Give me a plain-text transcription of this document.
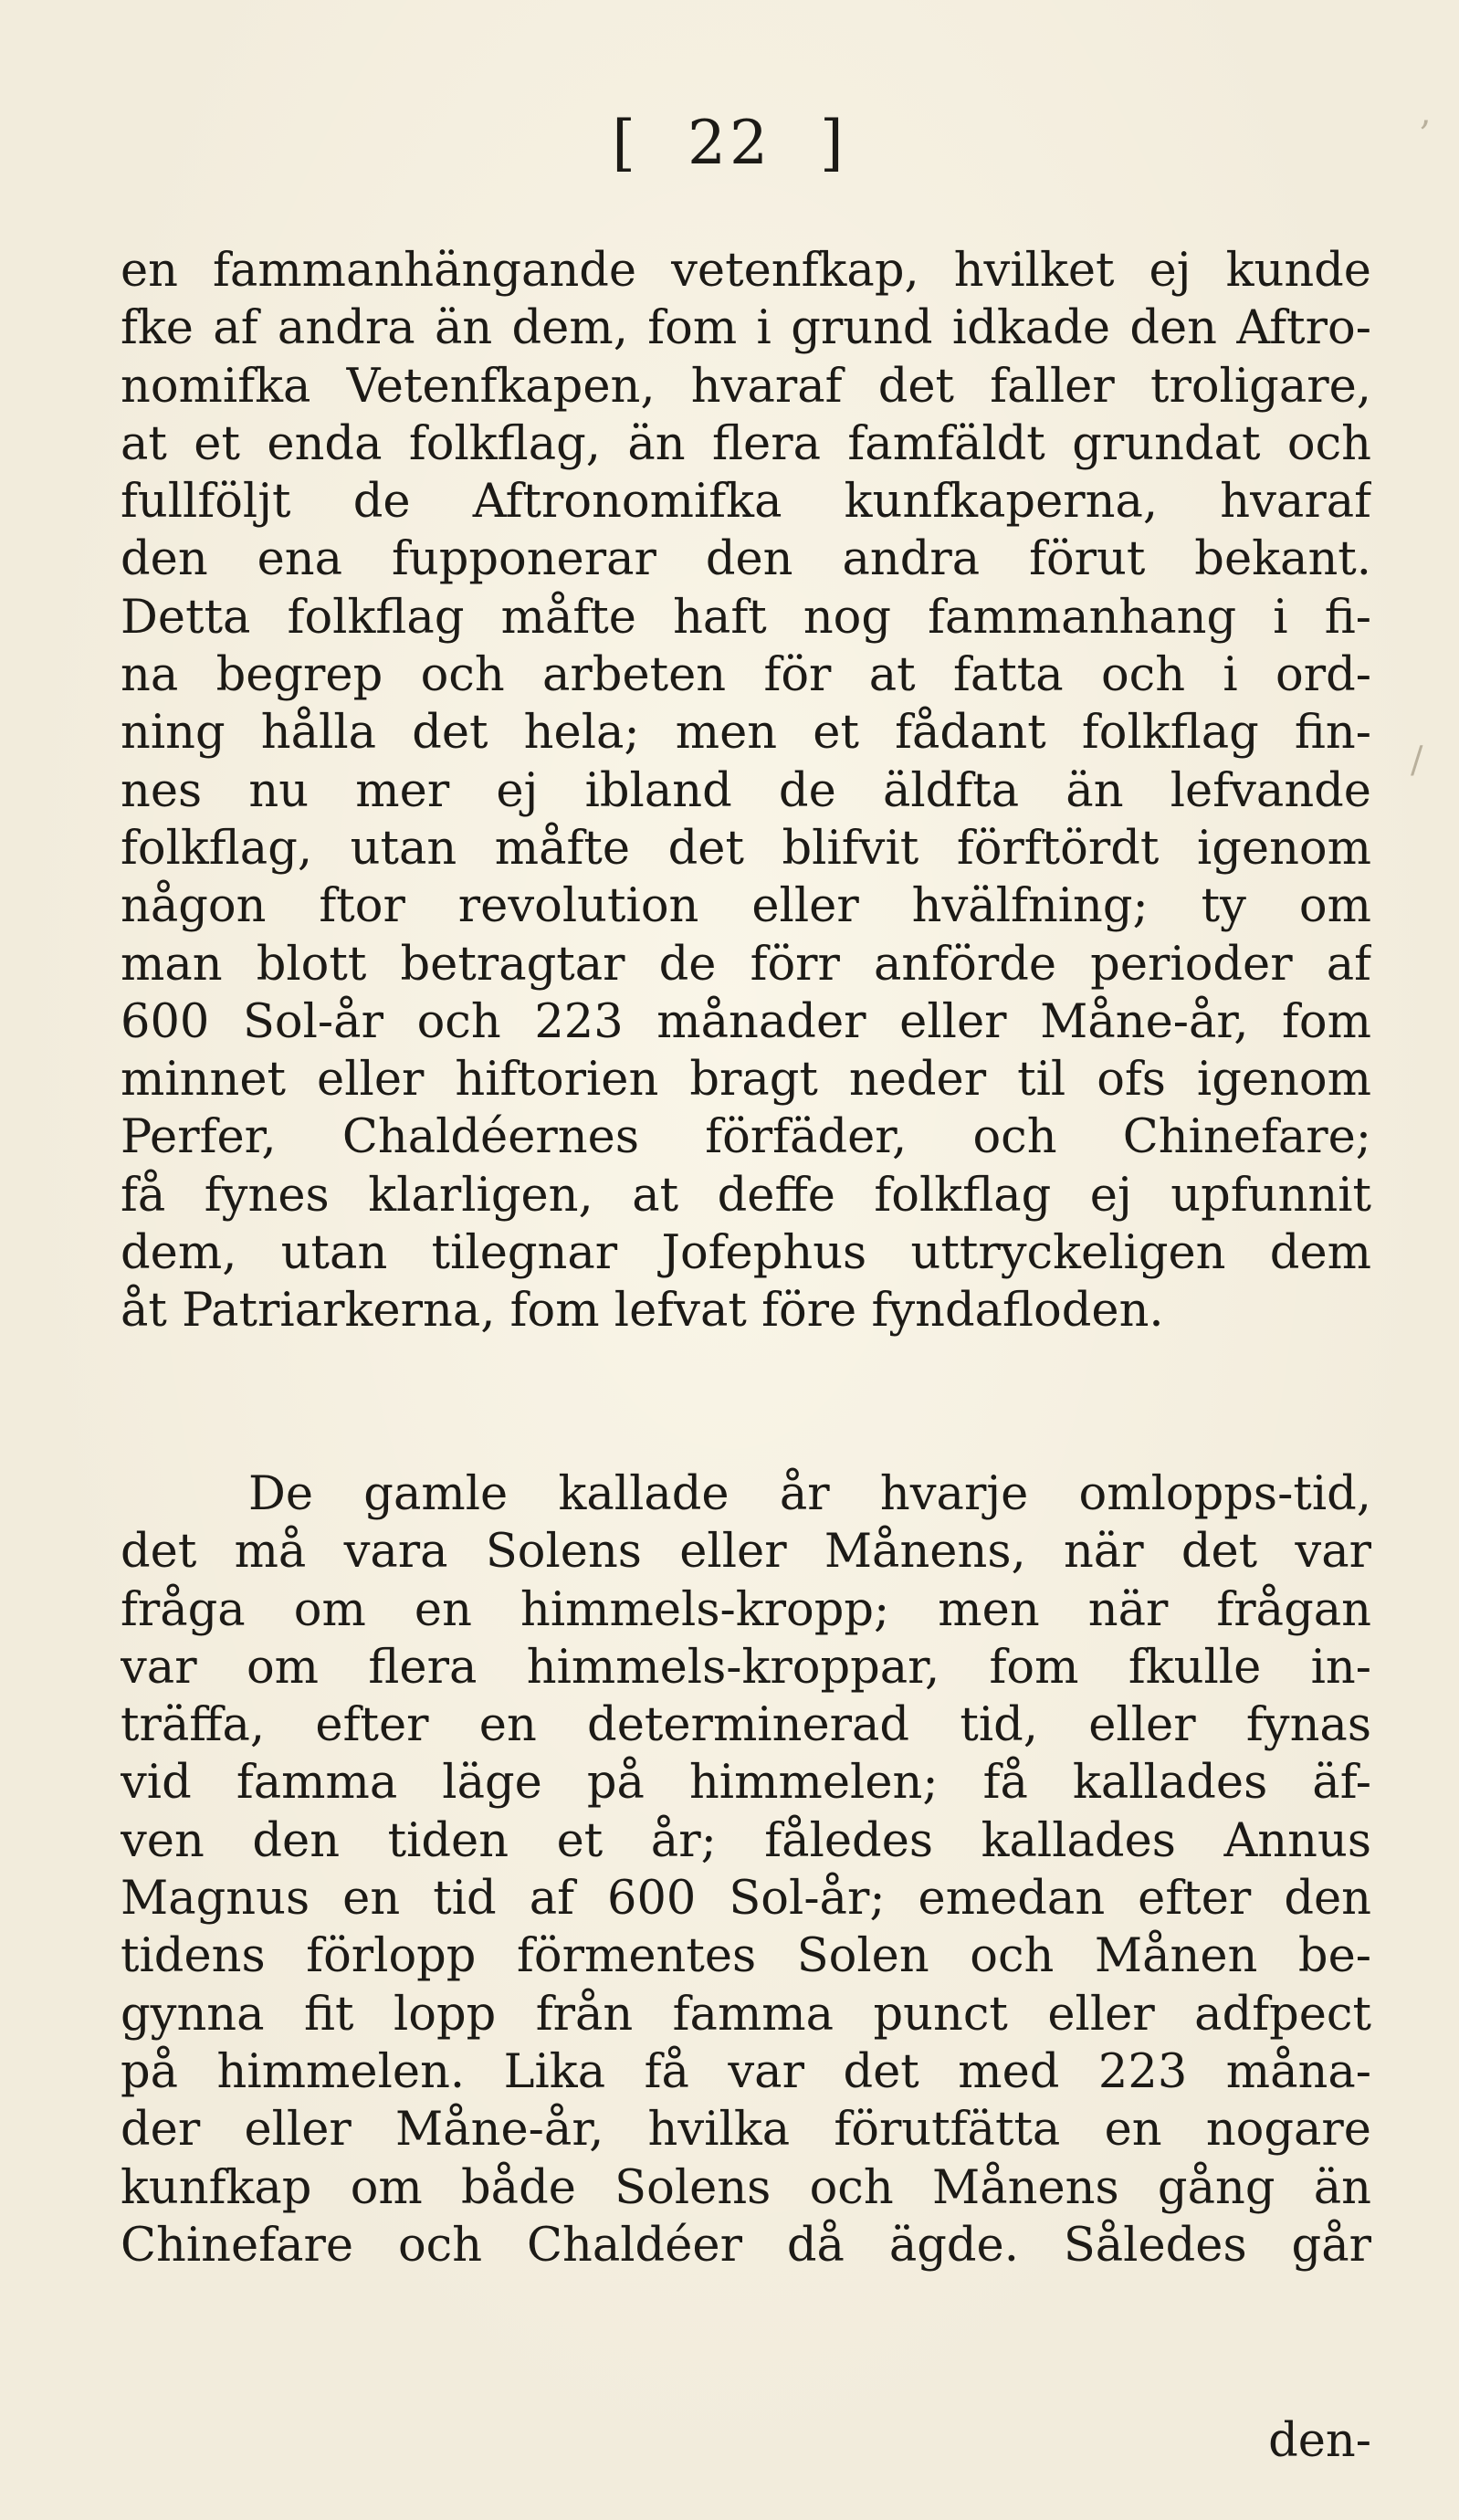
[ 22 ]
en fammanhängande vetenfkap, hvilket ej kunde
fke af andra än dem, fom i grund idkade den Aftro-
nomifka Vetenfkapen, hvaraf det faller troligare,
at et enda folkflag, än flera famfäldt grundat och
fullföljt de Aftronomifka kunfkaperna, hvaraf
den ena fupponerar den andra förut bekant.
Detta folkflag måfte haft nog fammanhang i fi-
na begrep och arbeten för at fatta och i ord-
ning hålla det hela; men et fådant folkflag fin-
nes nu mer ej ibland de äldfta än lefvande
folkflag, utan måfte det blifvit förftördt igenom
någon ftor revolution eller hvälfning; ty om
man blott betragtar de förr anförde perioder af
600 Sol-år och 223 månader eller Måne-år, fom
minnet eller hiftorien bragt neder til ofs igenom
Perfer, Chaldéernes förfäder, och Chinefare;
få fynes klarligen, at deffe folkflag ej upfunnit
dem, utan tilegnar Jofephus uttryckeligen dem
åt Patriarkerna, fom lefvat före fyndafloden.
De gamle kallade år hvarje omlopps-tid,
det må vara Solens eller Månens, när det var
fråga om en himmels-kropp; men när frågan
var om flera himmels-kroppar, fom fkulle in-
träffa, efter en determinerad tid, eller fynas
vid famma läge på himmelen; få kallades äf-
ven den tiden et år; fåledes kallades Annus
Magnus en tid af 600 Sol-år; emedan efter den
tidens förlopp förmentes Solen och Månen be-
gynna fit lopp från famma punct eller adfpect
på himmelen. Lika få var det med 223 måna-
der eller Måne-år, hvilka förutfätta en nogare
kunfkap om både Solens och Månens gång än
Chinefare och Chaldéer då ägde. Således går
den-
/
,
